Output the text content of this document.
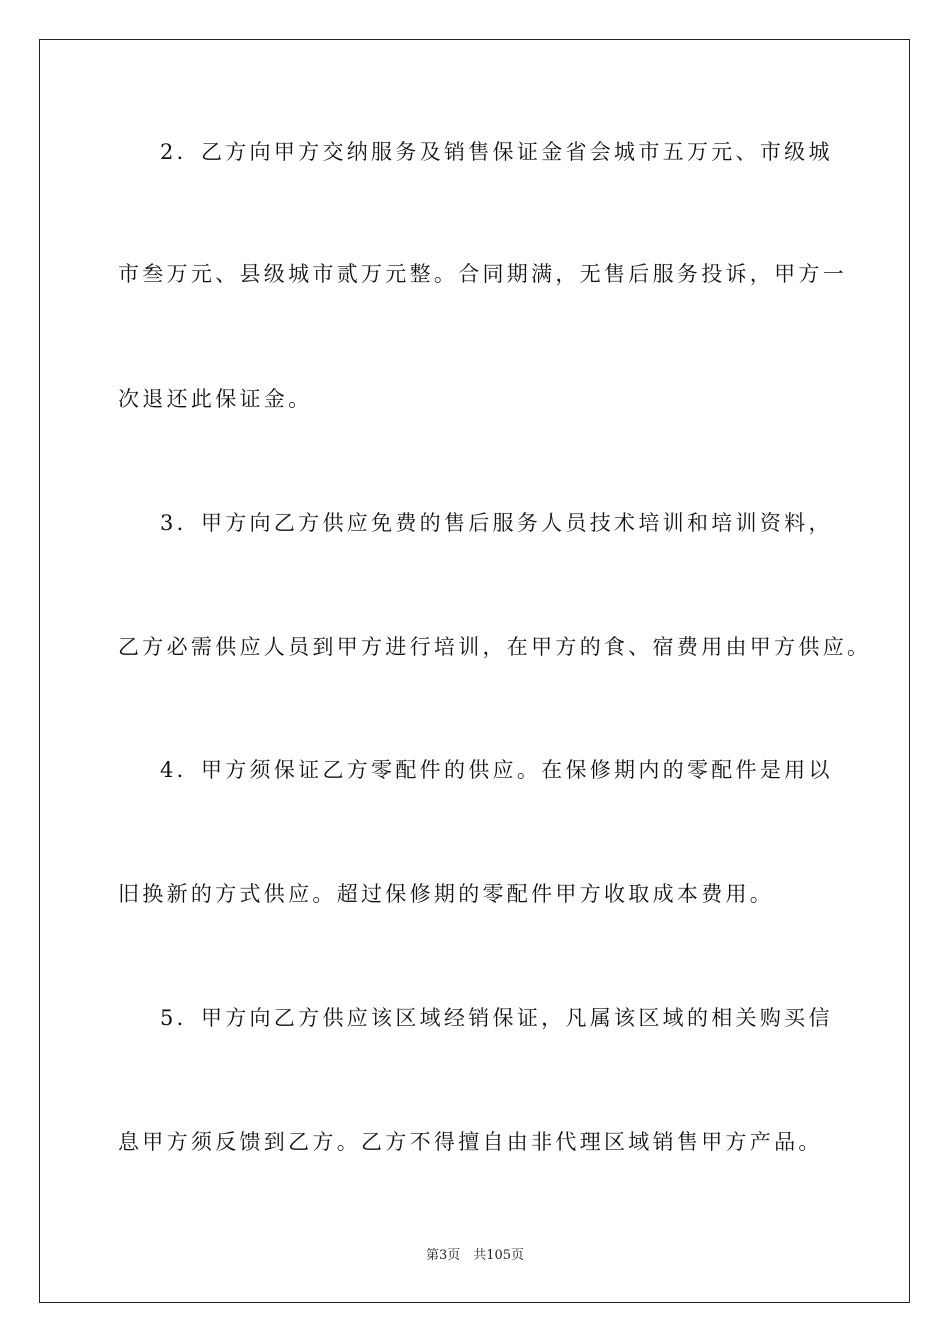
2．乙方向甲方交纳服务及销售保证金省会城市五万元、市级城

市叁万元、县级城市贰万元整。合同期满，无售后服务投诉，甲方一

次退还此保证金。

3．甲方向乙方供应免费的售后服务人员技术培训和培训资料，

乙方必需供应人员到甲方进行培训，在甲方的食、宿费用由甲方供应。

4．甲方须保证乙方零配件的供应。在保修期内的零配件是用以

旧换新的方式供应。超过保修期的零配件甲方收取成本费用。

5．甲方向乙方供应该区域经销保证，凡属该区域的相关购买信

息甲方须反馈到乙方。乙方不得擅自由非代理区域销售甲方产品。

第3页　共105页
